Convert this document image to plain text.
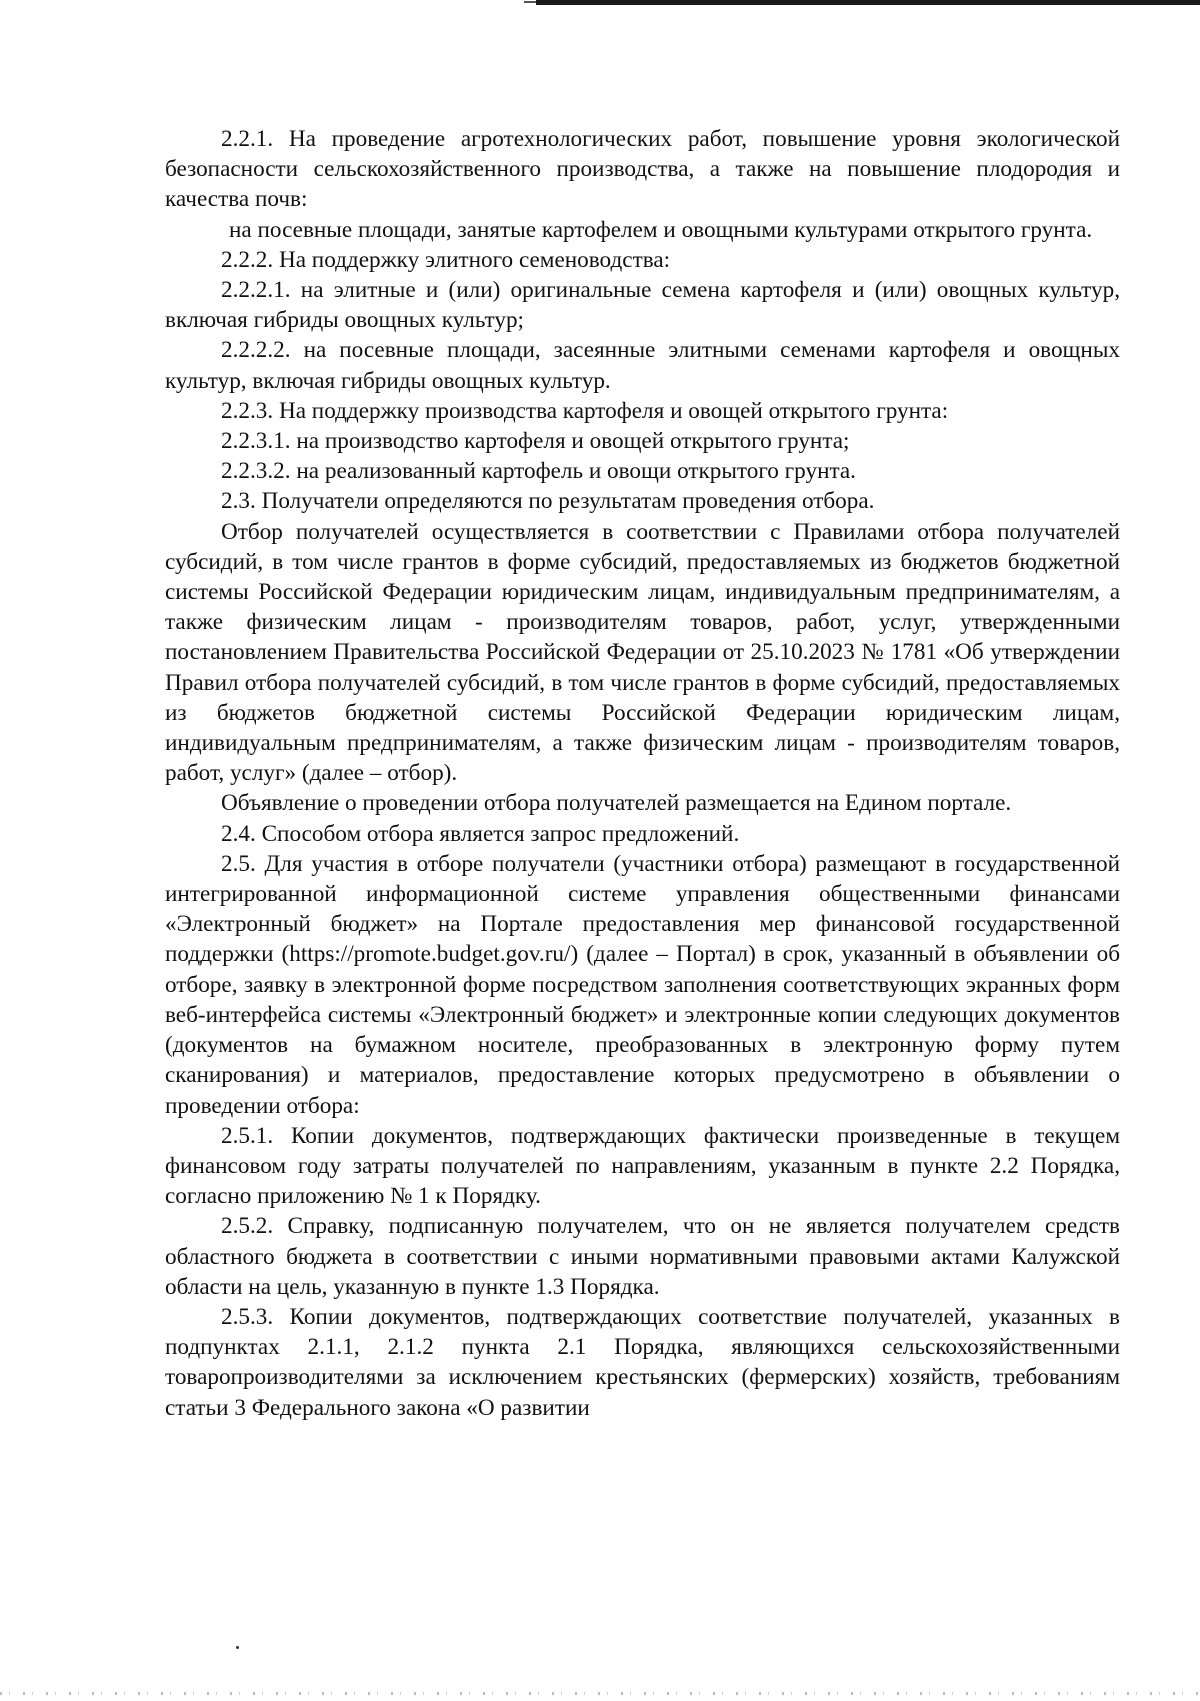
2.2.1. На проведение агротехнологических работ, повышение уровня экологической безопасности сельскохозяйственного производства, а также на повышение плодородия и качества почв:

на посевные площади, занятые картофелем и овощными культурами открытого грунта.

2.2.2. На поддержку элитного семеноводства:

2.2.2.1. на элитные и (или) оригинальные семена картофеля и (или) овощных культур, включая гибриды овощных культур;

2.2.2.2. на посевные площади, засеянные элитными семенами картофеля и овощных культур, включая гибриды овощных культур.

2.2.3. На поддержку производства картофеля и овощей открытого грунта:

2.2.3.1. на производство картофеля и овощей открытого грунта;

2.2.3.2. на реализованный картофель и овощи открытого грунта.

2.3. Получатели определяются по результатам проведения отбора.

Отбор получателей осуществляется в соответствии с Правилами отбора получателей субсидий, в том числе грантов в форме субсидий, предоставляемых из бюджетов бюджетной системы Российской Федерации юридическим лицам, индивидуальным предпринимателям, а также физическим лицам - производителям товаров, работ, услуг, утвержденными постановлением Правительства Российской Федерации от 25.10.2023 № 1781 «Об утверждении Правил отбора получателей субсидий, в том числе грантов в форме субсидий, предоставляемых из бюджетов бюджетной системы Российской Федерации юридическим лицам, индивидуальным предпринимателям, а также физическим лицам - производителям товаров, работ, услуг» (далее – отбор).

Объявление о проведении отбора получателей размещается на Едином портале.

2.4. Способом отбора является запрос предложений.

2.5. Для участия в отборе получатели (участники отбора) размещают в государственной интегрированной информационной системе управления общественными финансами «Электронный бюджет» на Портале предоставления мер финансовой государственной поддержки (https://promote.budget.gov.ru/) (далее – Портал) в срок, указанный в объявлении об отборе, заявку в электронной форме посредством заполнения соответствующих экранных форм веб-интерфейса системы «Электронный бюджет» и электронные копии следующих документов (документов на бумажном носителе, преобразованных в электронную форму путем сканирования) и материалов, предоставление которых предусмотрено в объявлении о проведении отбора:

2.5.1. Копии документов, подтверждающих фактически произведенные в текущем финансовом году затраты получателей по направлениям, указанным в пункте 2.2 Порядка, согласно приложению № 1 к Порядку.

2.5.2. Справку, подписанную получателем, что он не является получателем средств областного бюджета в соответствии с иными нормативными правовыми актами Калужской области на цель, указанную в пункте 1.3 Порядка.

2.5.3. Копии документов, подтверждающих соответствие получателей, указанных в подпунктах 2.1.1, 2.1.2 пункта 2.1 Порядка, являющихся сельскохозяйственными товаропроизводителями за исключением крестьянских (фермерских) хозяйств, требованиям статьи 3 Федерального закона «О развитии
